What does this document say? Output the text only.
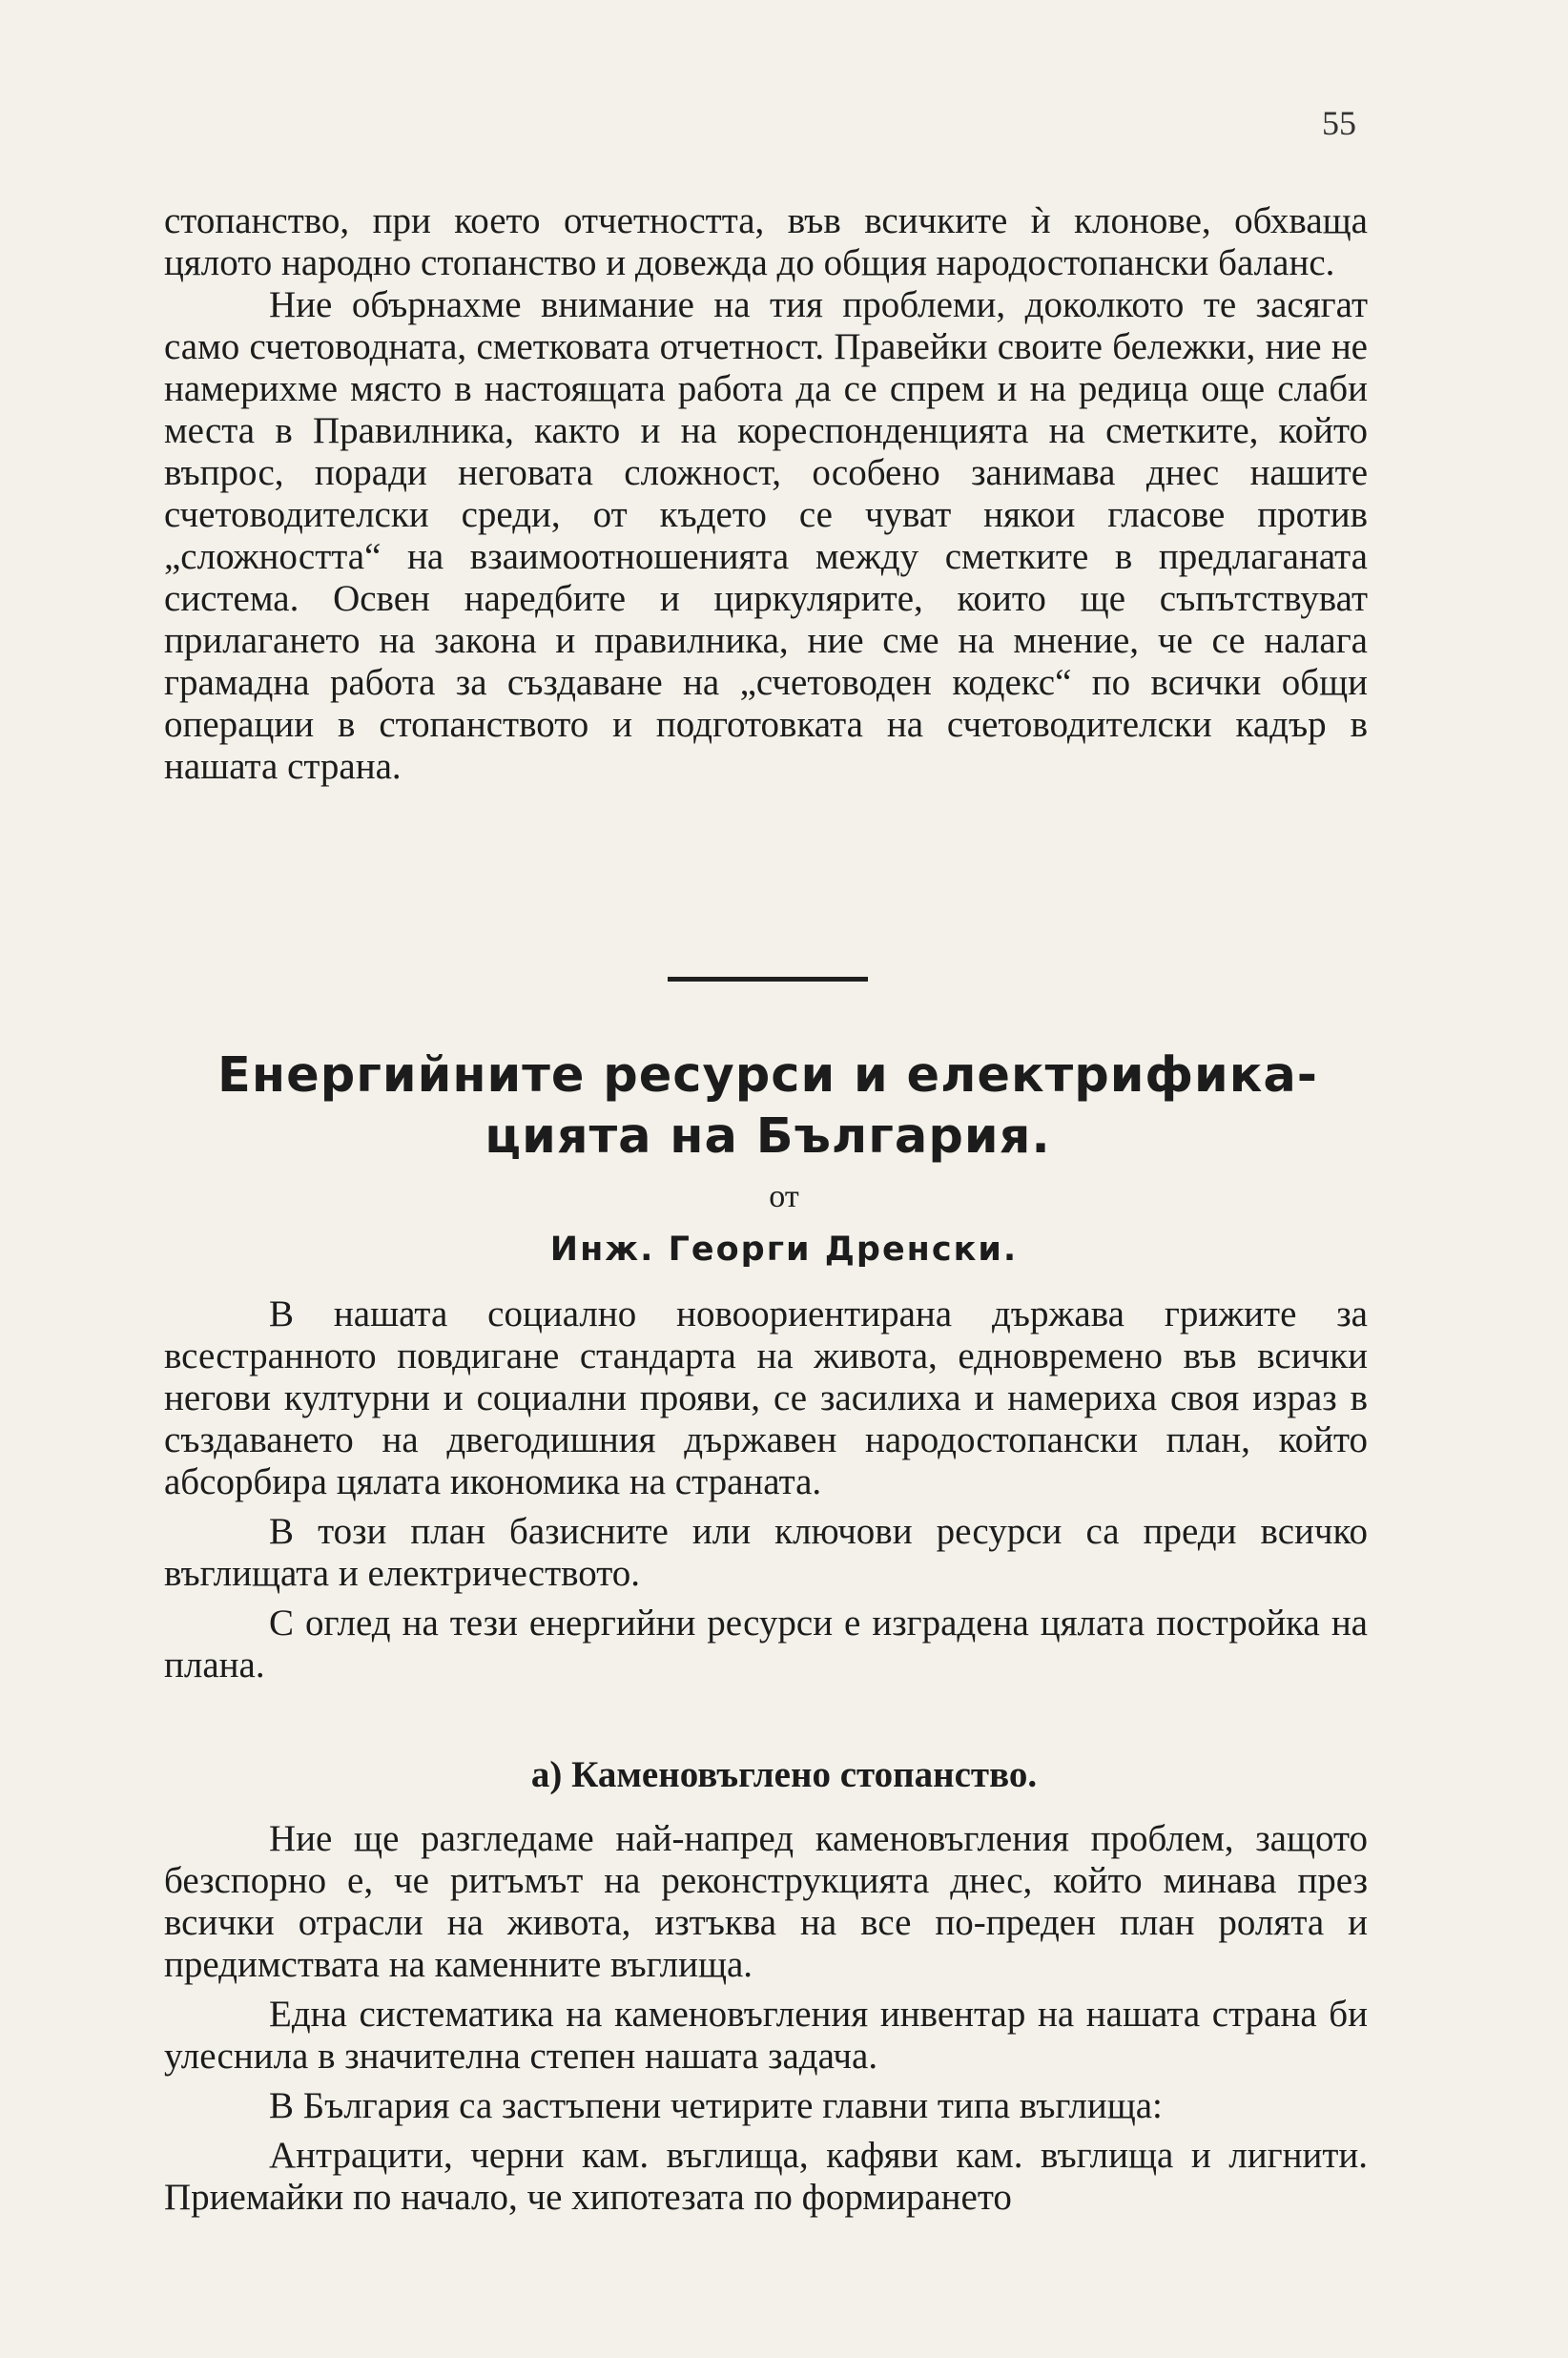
55

стопанство, при което отчетността, във всичките ѝ клонове, обхваща цялото народно стопанство и довежда до общия народостопански баланс.

Ние обърнахме внимание на тия проблеми, доколкото те засягат само счетоводната, сметковата отчетност. Правейки своите бележки, ние не намерихме място в настоящата работа да се спрем и на редица още слаби места в Правилника, както и на кореспонденцията на сметките, който въпрос, поради неговата сложност, особено занимава днес нашите счетоводителски среди, от където се чуват някои гласове против „сложността“ на взаимоотношенията между сметките в предлаганата система. Освен наредбите и циркулярите, които ще съпътствуват прилагането на закона и правилника, ние сме на мнение, че се налага грамадна работа за създаване на „счетоводен кодекс“ по всички общи операции в стопанството и подготовката на счетоводителски кадър в нашата страна.

Енергийните ресурси и електрифика-
цията на България.
от
Инж. Георги Дренски.

В нашата социално новоориентирана държава грижите за всестранното повдигане стандарта на живота, едновремено във всички негови културни и социални прояви, се засилиха и намериха своя израз в създаването на двегодишния държавен народостопански план, който абсорбира цялата икономика на страната.

В този план базисните или ключови ресурси са преди всичко въглищата и електричеството.

С оглед на тези енергийни ресурси е изградена цялата постройка на плана.

а) Каменовъглено стопанство.

Ние ще разгледаме най-напред каменовъгления проблем, защото безспорно е, че ритъмът на реконструкцията днес, който минава през всички отрасли на живота, изтъква на все по-преден план ролята и предимствата на каменните въглища.

Една систематика на каменовъгления инвентар на нашата страна би улеснила в значителна степен нашата задача.

В България са застъпени четирите главни типа въглища:

Антрацити, черни кам. въглища, кафяви кам. въглища и лигнити. Приемайки по начало, че хипотезата по формирането
